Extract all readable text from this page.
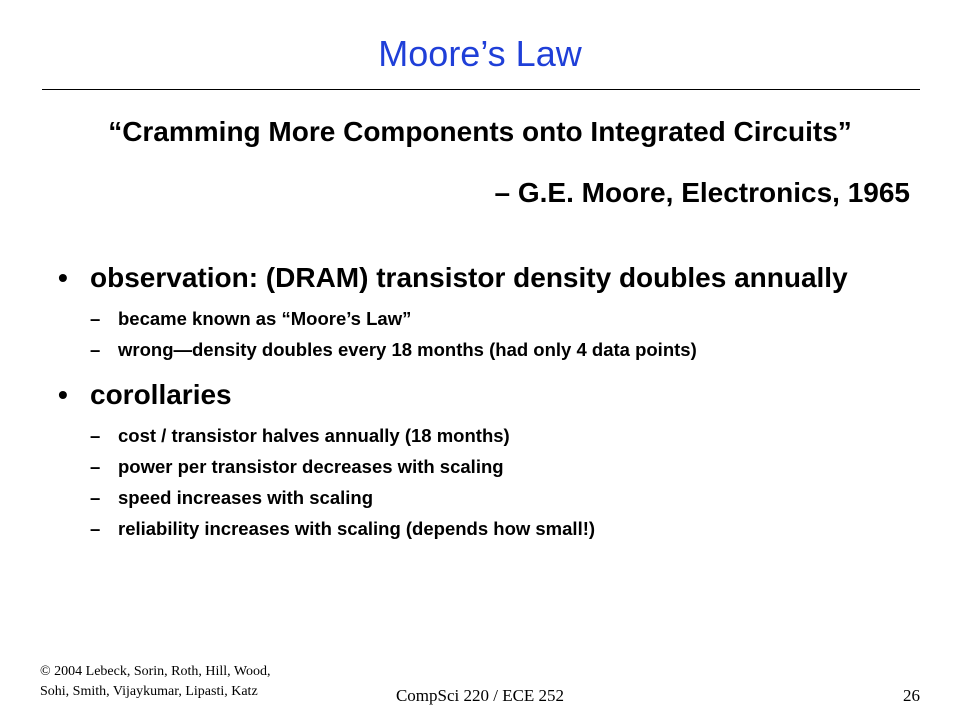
Moore’s Law
“Cramming More Components onto Integrated Circuits”
– G.E. Moore, Electronics, 1965
• observation: (DRAM) transistor density doubles annually
– became known as “Moore’s Law”
– wrong—density doubles every 18 months (had only 4 data points)
• corollaries
– cost / transistor halves annually (18 months)
– power per transistor decreases with scaling
– speed increases with scaling
– reliability increases with scaling (depends how small!)
© 2004 Lebeck, Sorin, Roth, Hill, Wood,
Sohi, Smith, Vijaykumar, Lipasti, Katz	CompSci 220 / ECE 252	26
